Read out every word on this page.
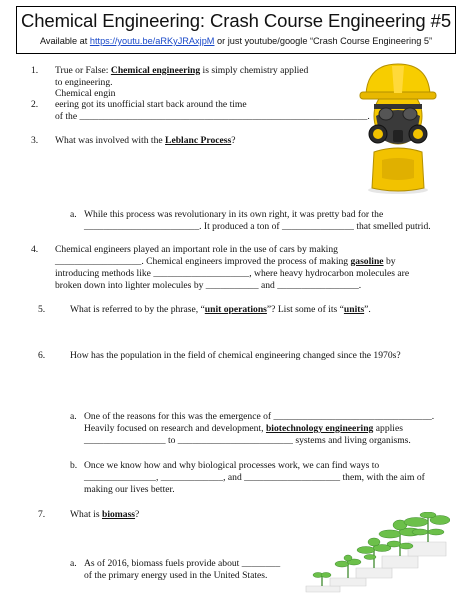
Chemical Engineering: Crash Course Engineering #5
Available at https://youtu.be/aRKyJRAxjpM or just youtube/google “Crash Course Engineering 5”
1. True or False: Chemical engineering is simply chemistry applied
to engineering.
Chemical engin
2. eering got its unofficial start back around the time
of the ____________________________________________________________.
3. What was involved with the Leblanc Process?
a. While this process was revolutionary in its own right, it was pretty bad for the
________________________. It produced a ton of _______________ that smelled putrid.
4. Chemical engineers played an important role in the use of cars by making
__________________. Chemical engineers improved the process of making gasoline by
introducing methods like ____________________, where heavy hydrocarbon molecules are
broken down into lighter molecules by ___________ and _________________.
5.	What is referred to by the phrase, “unit operations”? List some of its “units”.
6.	How has the population in the field of chemical engineering changed since the 1970s?
a. One of the reasons for this was the emergence of _________________________________.
Heavily focused on research and development, biotechnology engineering applies
_________________ to ________________________ systems and living organisms.
b. Once we know how and why biological processes work, we can find ways to
_______________, _____________, and ____________________ them, with the aim of
making our lives better.
7.	What is biomass?
a. As of 2016, biomass fuels provide about ________
of the primary energy used in the United States.
